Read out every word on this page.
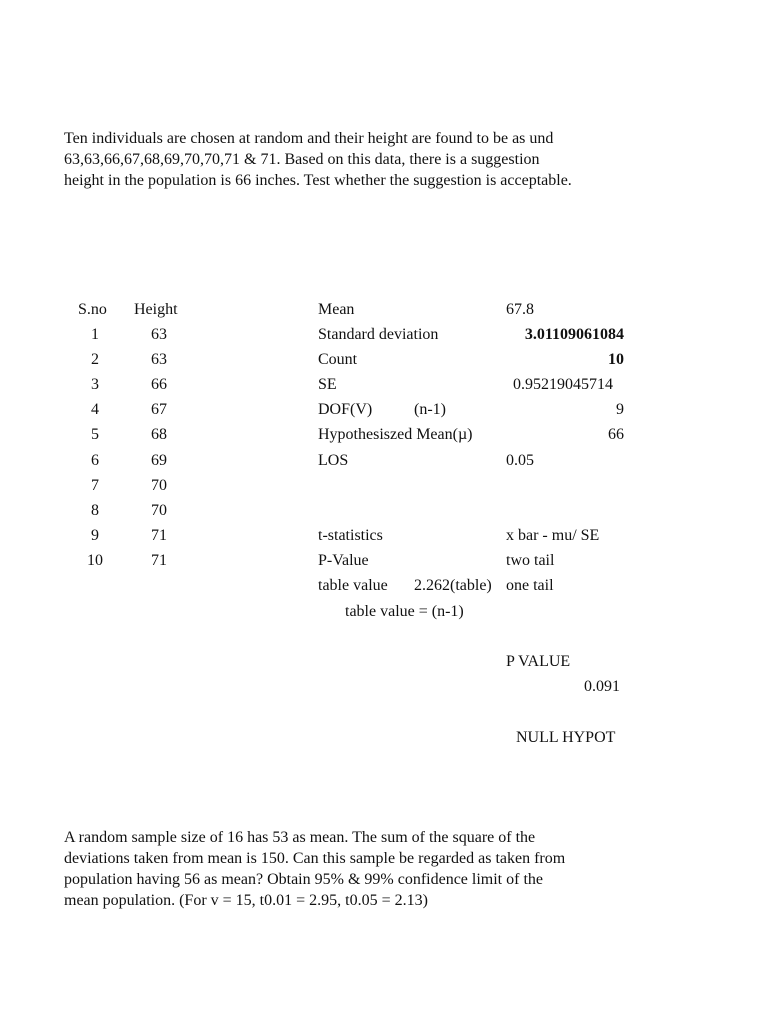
Ten individuals are chosen at random and their height are found to be as und
63,63,66,67,68,69,70,70,71 & 71. Based on this data, there is a suggestion
height in the population is 66 inches. Test whether the suggestion is acceptable.
S.no Height
1	63
2	63
3	66
4	67
5	68
6	69
7	70
8	70
9	71
10	71
Mean	67.8
Standard deviation	3.01109061084
Count	10
SE	0.95219045714
DOF(V)	(n-1)	9
Hypothesiszed Mean(µ)	66
LOS	0.05
t-statistics	x bar - mu/ SE
P-Value	two tail
table value 2.262(table) one tail
table value = (n-1)
P VALUE
0.091
NULL HYPOT
A random sample size of 16 has 53 as mean. The sum of the square of the
deviations taken from mean is 150. Can this sample be regarded as taken from
population having 56 as mean? Obtain 95% & 99% confidence limit of the
mean population. (For v = 15, t0.01 = 2.95, t0.05 = 2.13)
